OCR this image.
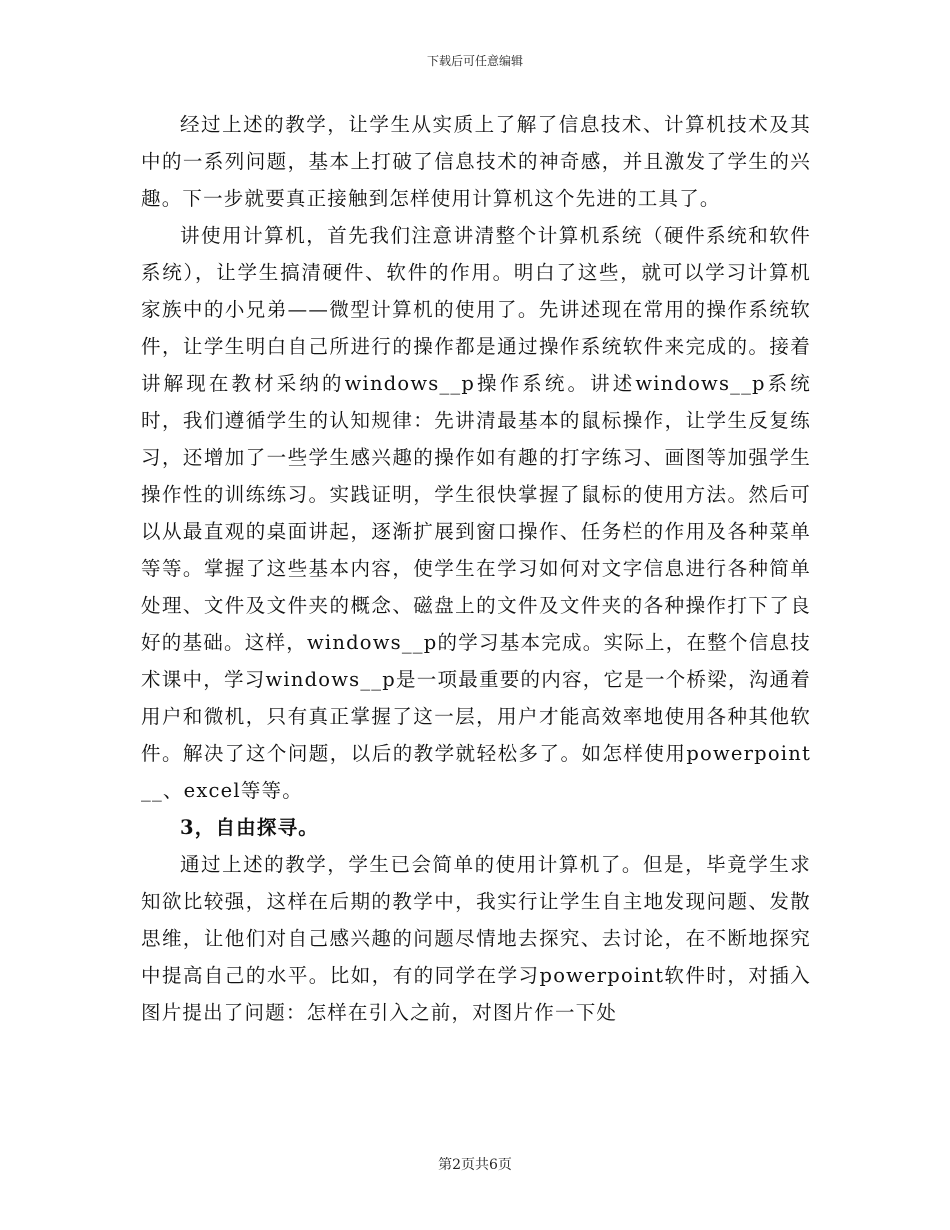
下载后可任意编辑

经过上述的教学，让学生从实质上了解了信息技术、计算机技术及其中的一系列问题，基本上打破了信息技术的神奇感，并且激发了学生的兴趣。下一步就要真正接触到怎样使用计算机这个先进的工具了。

讲使用计算机，首先我们注意讲清整个计算机系统（硬件系统和软件系统），让学生搞清硬件、软件的作用。明白了这些，就可以学习计算机家族中的小兄弟——微型计算机的使用了。先讲述现在常用的操作系统软件，让学生明白自己所进行的操作都是通过操作系统软件来完成的。接着讲解现在教材采纳的windows__p操作系统。讲述windows__p系统时，我们遵循学生的认知规律：先讲清最基本的鼠标操作，让学生反复练习，还增加了一些学生感兴趣的操作如有趣的打字练习、画图等加强学生操作性的训练练习。实践证明，学生很快掌握了鼠标的使用方法。然后可以从最直观的桌面讲起，逐渐扩展到窗口操作、任务栏的作用及各种菜单等等。掌握了这些基本内容，使学生在学习如何对文字信息进行各种简单处理、文件及文件夹的概念、磁盘上的文件及文件夹的各种操作打下了良好的基础。这样，windows__p的学习基本完成。实际上，在整个信息技术课中，学习windows__p是一项最重要的内容，它是一个桥梁，沟通着用户和微机，只有真正掌握了这一层，用户才能高效率地使用各种其他软件。解决了这个问题，以后的教学就轻松多了。如怎样使用powerpoint__、excel等等。

3，自由探寻。

通过上述的教学，学生已会简单的使用计算机了。但是，毕竟学生求知欲比较强，这样在后期的教学中，我实行让学生自主地发现问题、发散思维，让他们对自己感兴趣的问题尽情地去探究、去讨论，在不断地探究中提高自己的水平。比如，有的同学在学习powerpoint软件时，对插入图片提出了问题：怎样在引入之前，对图片作一下处

第2页共6页
